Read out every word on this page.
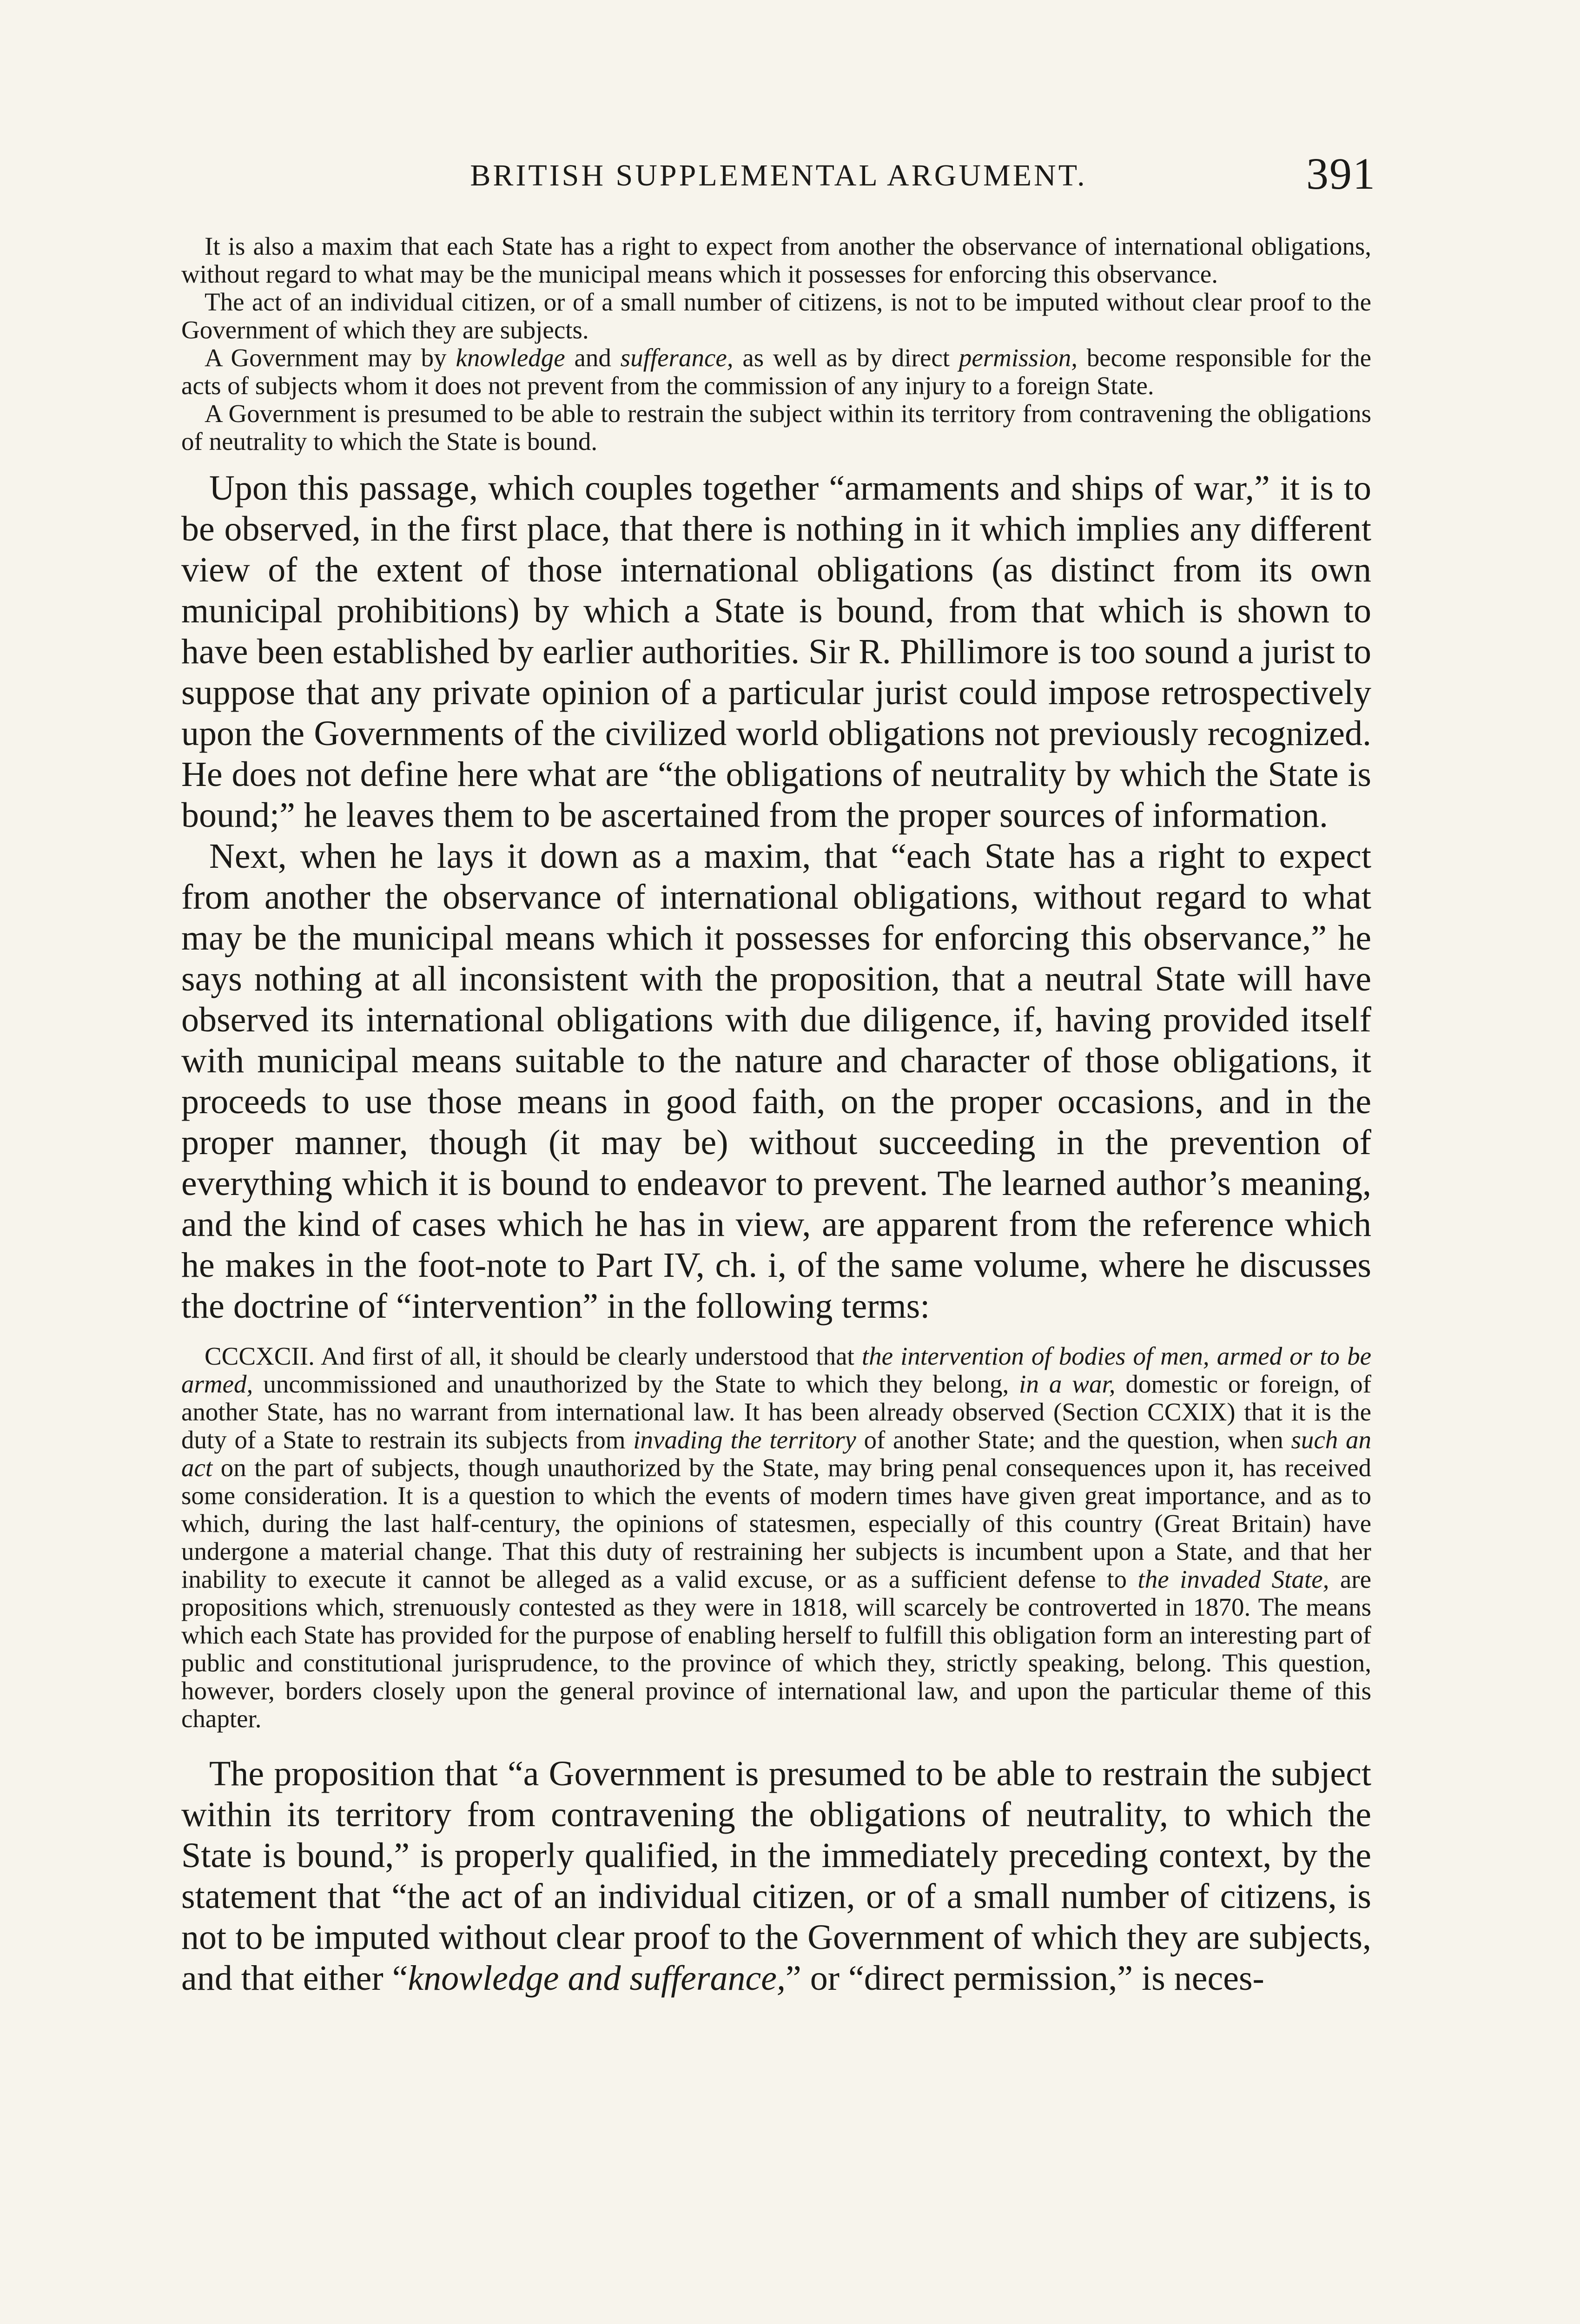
BRITISH SUPPLEMENTAL ARGUMENT.	391

It is also a maxim that each State has a right to expect from another the observance of international obligations, without regard to what may be the municipal means which it possesses for enforcing this observance.

The act of an individual citizen, or of a small number of citizens, is not to be imputed without clear proof to the Government of which they are subjects.

A Government may by knowledge and sufferance, as well as by direct permission, become responsible for the acts of subjects whom it does not prevent from the commission of any injury to a foreign State.

A Government is presumed to be able to restrain the subject within its territory from contravening the obligations of neutrality to which the State is bound.

Upon this passage, which couples together “armaments and ships of war,” it is to be observed, in the first place, that there is nothing in it which implies any different view of the extent of those international obligations (as distinct from its own municipal prohibitions) by which a State is bound, from that which is shown to have been established by earlier authorities. Sir R. Phillimore is too sound a jurist to suppose that any private opinion of a particular jurist could impose retrospectively upon the Governments of the civilized world obligations not previously recognized. He does not define here what are “the obligations of neutrality by which the State is bound;” he leaves them to be ascertained from the proper sources of information.

Next, when he lays it down as a maxim, that “each State has a right to expect from another the observance of international obligations, without regard to what may be the municipal means which it possesses for enforcing this observance,” he says nothing at all inconsistent with the proposition, that a neutral State will have observed its international obligations with due diligence, if, having provided itself with municipal means suitable to the nature and character of those obligations, it proceeds to use those means in good faith, on the proper occasions, and in the proper manner, though (it may be) without succeeding in the prevention of everything which it is bound to endeavor to prevent. The learned author’s meaning, and the kind of cases which he has in view, are apparent from the reference which he makes in the foot-note to Part IV, ch. i, of the same volume, where he discusses the doctrine of “intervention” in the following terms:

CCCXCII. And first of all, it should be clearly understood that the intervention of bodies of men, armed or to be armed, uncommissioned and unauthorized by the State to which they belong, in a war, domestic or foreign, of another State, has no warrant from international law. It has been already observed (Section CCXIX) that it is the duty of a State to restrain its subjects from invading the territory of another State; and the question, when such an act on the part of subjects, though unauthorized by the State, may bring penal consequences upon it, has received some consideration. It is a question to which the events of modern times have given great importance, and as to which, during the last half-century, the opinions of statesmen, especially of this country (Great Britain) have undergone a material change. That this duty of restraining her subjects is incumbent upon a State, and that her inability to execute it cannot be alleged as a valid excuse, or as a sufficient defense to the invaded State, are propositions which, strenuously contested as they were in 1818, will scarcely be controverted in 1870. The means which each State has provided for the purpose of enabling herself to fulfill this obligation form an interesting part of public and constitutional jurisprudence, to the province of which they, strictly speaking, belong. This question, however, borders closely upon the general province of international law, and upon the particular theme of this chapter.

The proposition that “a Government is presumed to be able to restrain the subject within its territory from contravening the obligations of neutrality, to which the State is bound,” is properly qualified, in the immediately preceding context, by the statement that “the act of an individual citizen, or of a small number of citizens, is not to be imputed without clear proof to the Government of which they are subjects, and that either “knowledge and sufferance,” or “direct permission,” is neces-
